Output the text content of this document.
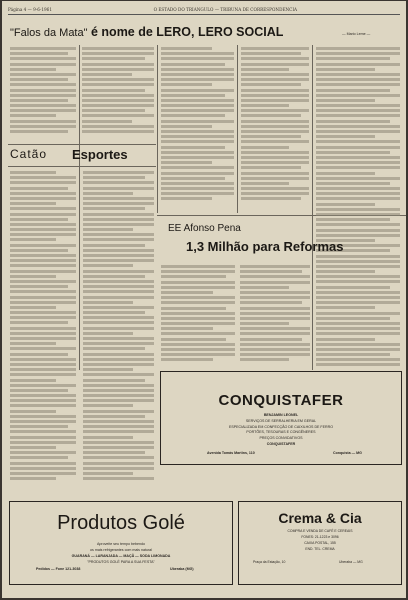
Página 4 — 9-6-1961	O ESTADO DO TRIANGULO — TRIBUNA DE CORRESPONDENCIA

"Falos da Mata" é nome de LERO, LERO SOCIAL	— Mario Leme —
Catão Esportes
EE Afonso Pena
1,3 Milhão para Reformas
CONQUISTAFER
BENJAMIN LEONEL
SERVIÇOS DE SERRALHERIA EM GERAL
ESPECIALIZADA EM CONFECÇÃO DE CAIXILHOS DE FERRO
PORTÕES, TESOURAS E CONGÊNERES
PREÇOS CONVIDATIVOS
CONQUISTAFER
Avenida Tomás Martins, 110	Conquista — MG
Produtos Golé
Aproveite seu tempo bebendo
os mais refrigerantes com mais natural
GUARANÁ — LARANJADA — MAÇÃ — SODA LIMONADA
"PRODUTOS GOLÉ PARA A SUA FESTA"
Pedidos — Fone 121-3038	Uberaba (MG)
Crema & Cia
COMPRA E VENDA DE CAFÉ E CEREAIS
FONES: 21-1223 e 3096
CAIXA POSTAL, 155
END. TEL. CREMA
Praça da Estação, 10	Uberaba — MG
